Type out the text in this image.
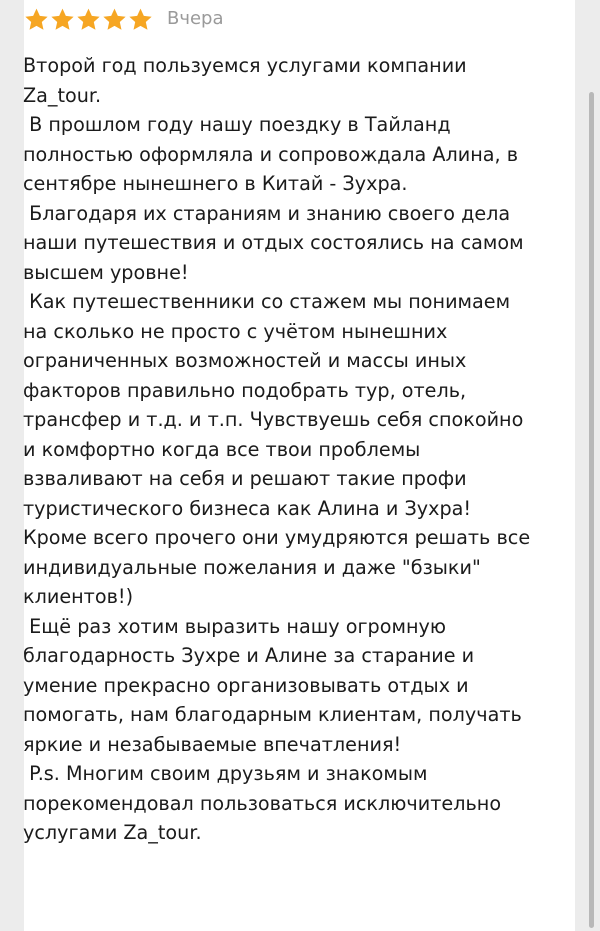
Вчера

Второй год пользуемся услугами компании Za_tour.
В прошлом году нашу поездку в Тайланд полностью оформляла и сопровождала Алина, в сентябре нынешнего в Китай - Зухра.
Благодаря их стараниям и знанию своего дела наши путешествия и отдых состоялись на самом высшем уровне!
Как путешественники со стажем мы понимаем на сколько не просто с учётом нынешних ограниченных возможностей и массы иных факторов правильно подобрать тур, отель, трансфер и т.д. и т.п. Чувствуешь себя спокойно и комфортно когда все твои проблемы взваливают на себя и решают такие профи туристического бизнеса как Алина и Зухра! Кроме всего прочего они умудряются решать все индивидуальные пожелания и даже "бзыки" клиентов!)
Ещё раз хотим выразить нашу огромную благодарность Зухре и Алине за старание и умение прекрасно организовывать отдых и помогать, нам благодарным клиентам, получать яркие и незабываемые впечатления!
P.s. Многим своим друзьям и знакомым порекомендовал пользоваться исключительно услугами Za_tour.
